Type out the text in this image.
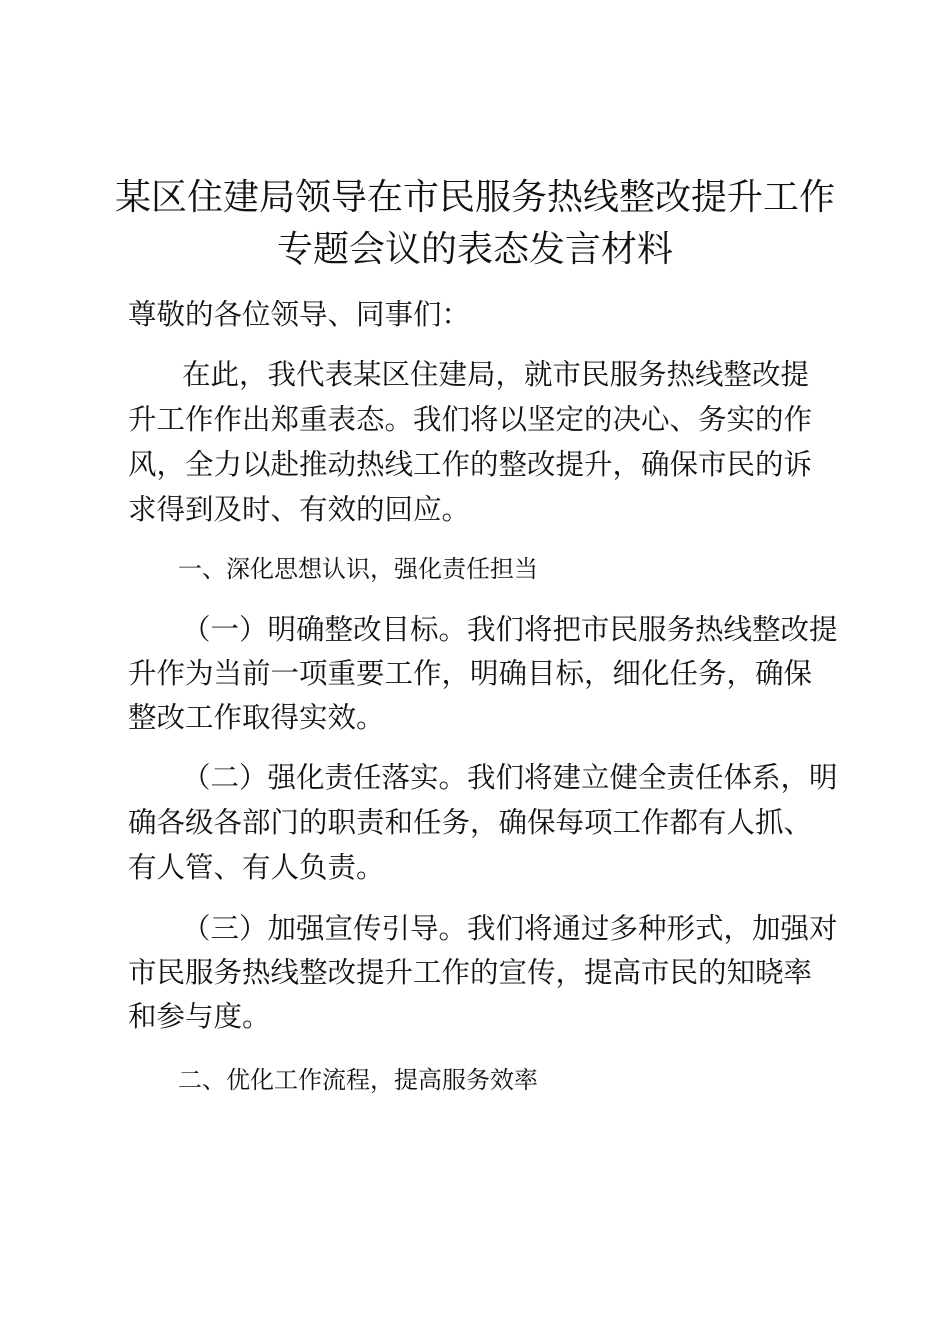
某区住建局领导在市民服务热线整改提升工作
专题会议的表态发言材料
尊敬的各位领导、同事们：
在此，我代表某区住建局，就市民服务热线整改提
升工作作出郑重表态。我们将以坚定的决心、务实的作
风，全力以赴推动热线工作的整改提升，确保市民的诉
求得到及时、有效的回应。
一、深化思想认识，强化责任担当
（一）明确整改目标。我们将把市民服务热线整改提
升作为当前一项重要工作，明确目标，细化任务，确保
整改工作取得实效。
（二）强化责任落实。我们将建立健全责任体系，明
确各级各部门的职责和任务，确保每项工作都有人抓、
有人管、有人负责。
（三）加强宣传引导。我们将通过多种形式，加强对
市民服务热线整改提升工作的宣传，提高市民的知晓率
和参与度。
二、优化工作流程，提高服务效率
